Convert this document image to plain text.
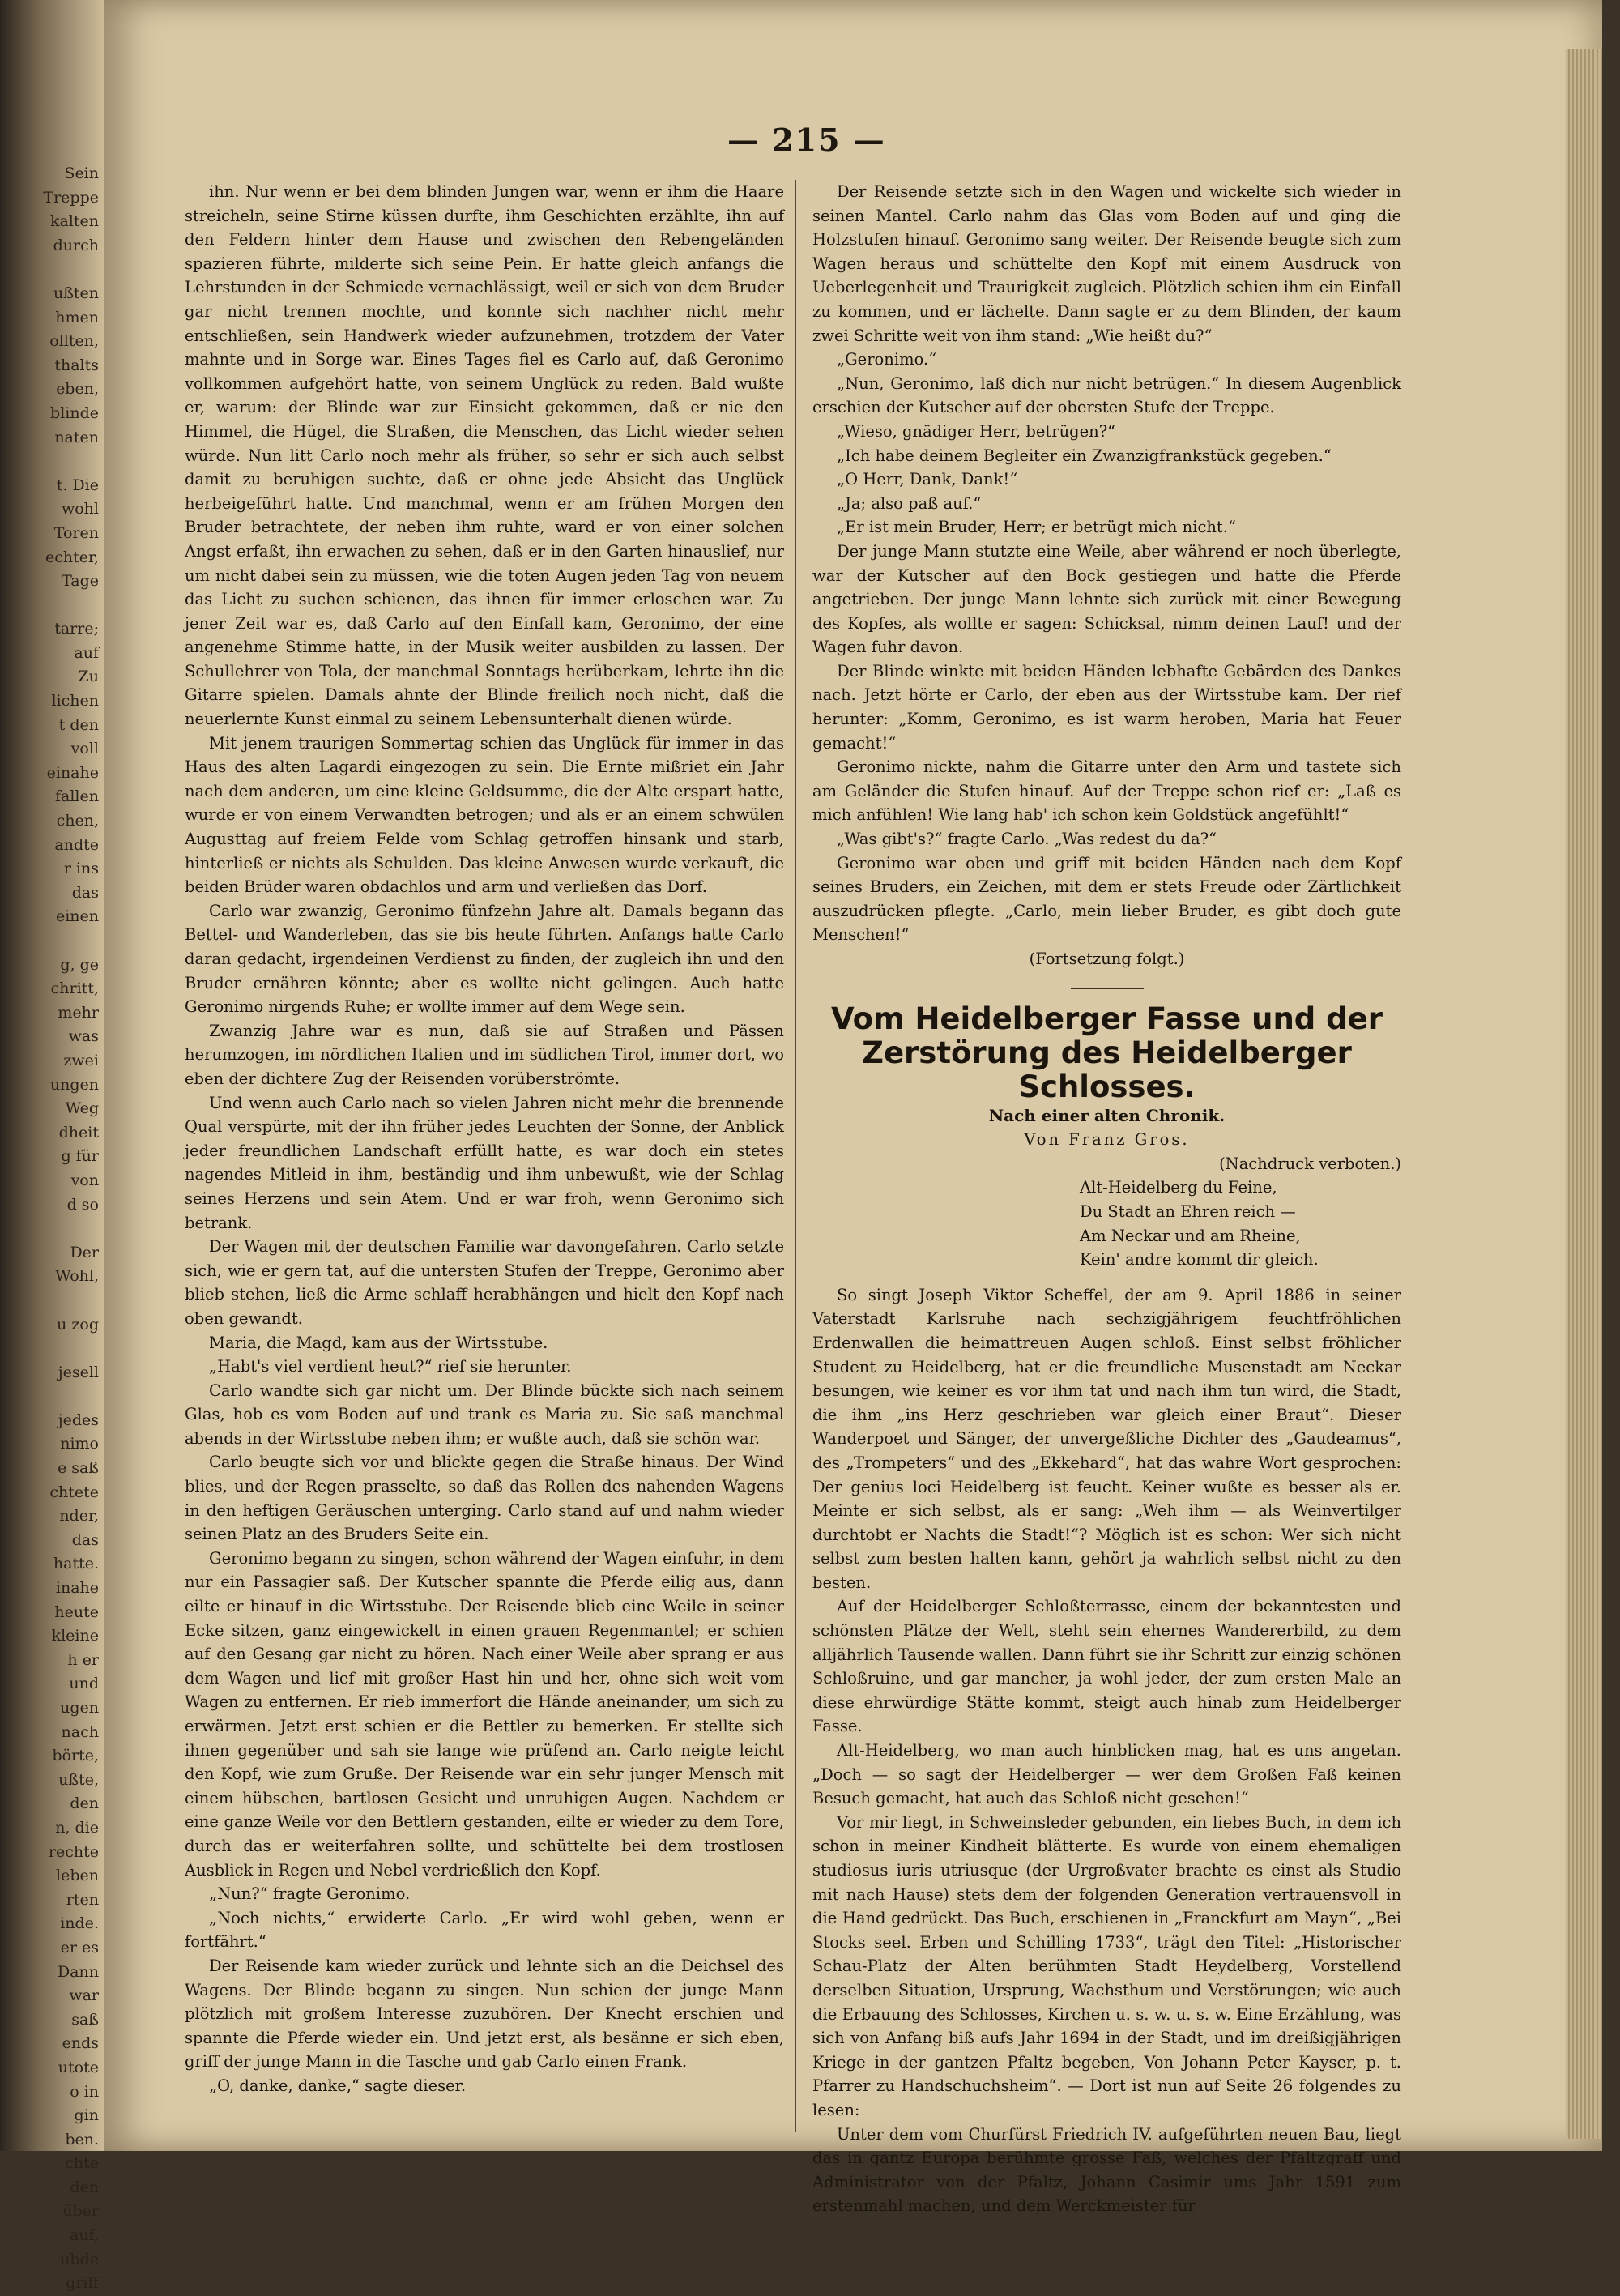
Sein
Treppe
kalten
durch

ußten
hmen
ollten,
thalts
eben,
blinde
naten

t. Die
wohl
Toren
echter,
Tage

tarre;
auf
Zu
lichen
t den
voll
einahe
fallen
chen,
andte
r ins
das
einen

g, ge
chritt,
mehr
was
zwei
ungen
Weg
dheit
g für
von
d so

Der
Wohl,

u zog

jesell

jedes
nimo
e saß
chtete
nder,
das
hatte.
inahe
heute
kleine
h er
und
ugen
nach
börte,
ußte,
den
n, die
rechte
leben
rten
inde.
er es
Dann
war
saß
ends
utote
o in
gin
ben.
chte
den
über
auf,
ubde
griff
— 215 —

ihn. Nur wenn er bei dem blinden Jungen war, wenn er ihm die Haare streicheln, seine Stirne küssen durfte, ihm Geschichten erzählte, ihn auf den Feldern hinter dem Hause und zwischen den Rebengeländen spazieren führte, milderte sich seine Pein. Er hatte gleich anfangs die Lehrstunden in der Schmiede vernachlässigt, weil er sich von dem Bruder gar nicht trennen mochte, und konnte sich nachher nicht mehr entschließen, sein Handwerk wieder aufzunehmen, trotzdem der Vater mahnte und in Sorge war. Eines Tages fiel es Carlo auf, daß Geronimo vollkommen aufgehört hatte, von seinem Unglück zu reden. Bald wußte er, warum: der Blinde war zur Einsicht gekommen, daß er nie den Himmel, die Hügel, die Straßen, die Menschen, das Licht wieder sehen würde. Nun litt Carlo noch mehr als früher, so sehr er sich auch selbst damit zu beruhigen suchte, daß er ohne jede Absicht das Unglück herbeigeführt hatte. Und manchmal, wenn er am frühen Morgen den Bruder betrachtete, der neben ihm ruhte, ward er von einer solchen Angst erfaßt, ihn erwachen zu sehen, daß er in den Garten hinauslief, nur um nicht dabei sein zu müssen, wie die toten Augen jeden Tag von neuem das Licht zu suchen schienen, das ihnen für immer erloschen war. Zu jener Zeit war es, daß Carlo auf den Einfall kam, Geronimo, der eine angenehme Stimme hatte, in der Musik weiter ausbilden zu lassen. Der Schullehrer von Tola, der manchmal Sonntags herüberkam, lehrte ihn die Gitarre spielen. Damals ahnte der Blinde freilich noch nicht, daß die neuerlernte Kunst einmal zu seinem Lebensunterhalt dienen würde.

Mit jenem traurigen Sommertag schien das Unglück für immer in das Haus des alten Lagardi eingezogen zu sein. Die Ernte mißriet ein Jahr nach dem anderen, um eine kleine Geldsumme, die der Alte erspart hatte, wurde er von einem Verwandten betrogen; und als er an einem schwülen Augusttag auf freiem Felde vom Schlag getroffen hinsank und starb, hinterließ er nichts als Schulden. Das kleine Anwesen wurde verkauft, die beiden Brüder waren obdachlos und arm und verließen das Dorf.

Carlo war zwanzig, Geronimo fünfzehn Jahre alt. Damals begann das Bettel- und Wanderleben, das sie bis heute führten. Anfangs hatte Carlo daran gedacht, irgendeinen Verdienst zu finden, der zugleich ihn und den Bruder ernähren könnte; aber es wollte nicht gelingen. Auch hatte Geronimo nirgends Ruhe; er wollte immer auf dem Wege sein.

Zwanzig Jahre war es nun, daß sie auf Straßen und Pässen herumzogen, im nördlichen Italien und im südlichen Tirol, immer dort, wo eben der dichtere Zug der Reisenden vorüberströmte.

Und wenn auch Carlo nach so vielen Jahren nicht mehr die brennende Qual verspürte, mit der ihn früher jedes Leuchten der Sonne, der Anblick jeder freundlichen Landschaft erfüllt hatte, es war doch ein stetes nagendes Mitleid in ihm, beständig und ihm unbewußt, wie der Schlag seines Herzens und sein Atem. Und er war froh, wenn Geronimo sich betrank.

Der Wagen mit der deutschen Familie war davongefahren. Carlo setzte sich, wie er gern tat, auf die untersten Stufen der Treppe, Geronimo aber blieb stehen, ließ die Arme schlaff herabhängen und hielt den Kopf nach oben gewandt.

Maria, die Magd, kam aus der Wirtsstube.

„Habt's viel verdient heut?“ rief sie herunter.

Carlo wandte sich gar nicht um. Der Blinde bückte sich nach seinem Glas, hob es vom Boden auf und trank es Maria zu. Sie saß manchmal abends in der Wirtsstube neben ihm; er wußte auch, daß sie schön war.

Carlo beugte sich vor und blickte gegen die Straße hinaus. Der Wind blies, und der Regen prasselte, so daß das Rollen des nahenden Wagens in den heftigen Geräuschen unterging. Carlo stand auf und nahm wieder seinen Platz an des Bruders Seite ein.

Geronimo begann zu singen, schon während der Wagen einfuhr, in dem nur ein Passagier saß. Der Kutscher spannte die Pferde eilig aus, dann eilte er hinauf in die Wirtsstube. Der Reisende blieb eine Weile in seiner Ecke sitzen, ganz eingewickelt in einen grauen Regenmantel; er schien auf den Gesang gar nicht zu hören. Nach einer Weile aber sprang er aus dem Wagen und lief mit großer Hast hin und her, ohne sich weit vom Wagen zu entfernen. Er rieb immerfort die Hände aneinander, um sich zu erwärmen. Jetzt erst schien er die Bettler zu bemerken. Er stellte sich ihnen gegenüber und sah sie lange wie prüfend an. Carlo neigte leicht den Kopf, wie zum Gruße. Der Reisende war ein sehr junger Mensch mit einem hübschen, bartlosen Gesicht und unruhigen Augen. Nachdem er eine ganze Weile vor den Bettlern gestanden, eilte er wieder zu dem Tore, durch das er weiterfahren sollte, und schüttelte bei dem trostlosen Ausblick in Regen und Nebel verdrießlich den Kopf.

„Nun?“ fragte Geronimo.

„Noch nichts,“ erwiderte Carlo. „Er wird wohl geben, wenn er fortfährt.“

Der Reisende kam wieder zurück und lehnte sich an die Deichsel des Wagens. Der Blinde begann zu singen. Nun schien der junge Mann plötzlich mit großem Interesse zuzuhören. Der Knecht erschien und spannte die Pferde wieder ein. Und jetzt erst, als besänne er sich eben, griff der junge Mann in die Tasche und gab Carlo einen Frank.

„O, danke, danke,“ sagte dieser.

Der Reisende setzte sich in den Wagen und wickelte sich wieder in seinen Mantel. Carlo nahm das Glas vom Boden auf und ging die Holzstufen hinauf. Geronimo sang weiter. Der Reisende beugte sich zum Wagen heraus und schüttelte den Kopf mit einem Ausdruck von Ueberlegenheit und Traurigkeit zugleich. Plötzlich schien ihm ein Einfall zu kommen, und er lächelte. Dann sagte er zu dem Blinden, der kaum zwei Schritte weit von ihm stand: „Wie heißt du?“

„Geronimo.“

„Nun, Geronimo, laß dich nur nicht betrügen.“ In diesem Augenblick erschien der Kutscher auf der obersten Stufe der Treppe.

„Wieso, gnädiger Herr, betrügen?“

„Ich habe deinem Begleiter ein Zwanzigfrankstück gegeben.“

„O Herr, Dank, Dank!“

„Ja; also paß auf.“

„Er ist mein Bruder, Herr; er betrügt mich nicht.“

Der junge Mann stutzte eine Weile, aber während er noch überlegte, war der Kutscher auf den Bock gestiegen und hatte die Pferde angetrieben. Der junge Mann lehnte sich zurück mit einer Bewegung des Kopfes, als wollte er sagen: Schicksal, nimm deinen Lauf! und der Wagen fuhr davon.

Der Blinde winkte mit beiden Händen lebhafte Gebärden des Dankes nach. Jetzt hörte er Carlo, der eben aus der Wirtsstube kam. Der rief herunter: „Komm, Geronimo, es ist warm heroben, Maria hat Feuer gemacht!“

Geronimo nickte, nahm die Gitarre unter den Arm und tastete sich am Geländer die Stufen hinauf. Auf der Treppe schon rief er: „Laß es mich anfühlen! Wie lang hab' ich schon kein Goldstück angefühlt!“

„Was gibt's?“ fragte Carlo. „Was redest du da?“

Geronimo war oben und griff mit beiden Händen nach dem Kopf seines Bruders, ein Zeichen, mit dem er stets Freude oder Zärtlichkeit auszudrücken pflegte. „Carlo, mein lieber Bruder, es gibt doch gute Menschen!“

(Fortsetzung folgt.)

Vom Heidelberger Fasse und der Zerstörung des Heidelberger Schlosses.

Nach einer alten Chronik.

Von Franz Gros.

(Nachdruck verboten.)

Alt-Heidelberg du Feine,
Du Stadt an Ehren reich —
Am Neckar und am Rheine,
Kein' andre kommt dir gleich.

So singt Joseph Viktor Scheffel, der am 9. April 1886 in seiner Vaterstadt Karlsruhe nach sechzigjährigem feuchtfröhlichen Erdenwallen die heimattreuen Augen schloß. Einst selbst fröhlicher Student zu Heidelberg, hat er die freundliche Musenstadt am Neckar besungen, wie keiner es vor ihm tat und nach ihm tun wird, die Stadt, die ihm „ins Herz geschrieben war gleich einer Braut“. Dieser Wanderpoet und Sänger, der unvergeßliche Dichter des „Gaudeamus“, des „Trompeters“ und des „Ekkehard“, hat das wahre Wort gesprochen: Der genius loci Heidelberg ist feucht. Keiner wußte es besser als er. Meinte er sich selbst, als er sang: „Weh ihm — als Weinvertilger durchtobt er Nachts die Stadt!“? Möglich ist es schon: Wer sich nicht selbst zum besten halten kann, gehört ja wahrlich selbst nicht zu den besten.

Auf der Heidelberger Schloßterrasse, einem der bekanntesten und schönsten Plätze der Welt, steht sein ehernes Wandererbild, zu dem alljährlich Tausende wallen. Dann führt sie ihr Schritt zur einzig schönen Schloßruine, und gar mancher, ja wohl jeder, der zum ersten Male an diese ehrwürdige Stätte kommt, steigt auch hinab zum Heidelberger Fasse.

Alt-Heidelberg, wo man auch hinblicken mag, hat es uns angetan. „Doch — so sagt der Heidelberger — wer dem Großen Faß keinen Besuch gemacht, hat auch das Schloß nicht gesehen!“

Vor mir liegt, in Schweinsleder gebunden, ein liebes Buch, in dem ich schon in meiner Kindheit blätterte. Es wurde von einem ehemaligen studiosus iuris utriusque (der Urgroßvater brachte es einst als Studio mit nach Hause) stets dem der folgenden Generation vertrauensvoll in die Hand gedrückt. Das Buch, erschienen in „Franckfurt am Mayn“, „Bei Stocks seel. Erben und Schilling 1733“, trägt den Titel: „Historischer Schau-Platz der Alten berühmten Stadt Heydelberg, Vorstellend derselben Situation, Ursprung, Wachsthum und Verstörungen; wie auch die Erbauung des Schlosses, Kirchen u. s. w. u. s. w. Eine Erzählung, was sich von Anfang biß aufs Jahr 1694 in der Stadt, und im dreißigjährigen Kriege in der gantzen Pfaltz begeben, Von Johann Peter Kayser, p. t. Pfarrer zu Handschuchsheim“. — Dort ist nun auf Seite 26 folgendes zu lesen:

Unter dem vom Churfürst Friedrich IV. aufgeführten neuen Bau, liegt das in gantz Europa berühmte grosse Faß, welches der Pfaltzgraff und Administrator von der Pfaltz, Johann Casimir ums Jahr 1591 zum erstenmahl machen, und dem Werckmeister für
